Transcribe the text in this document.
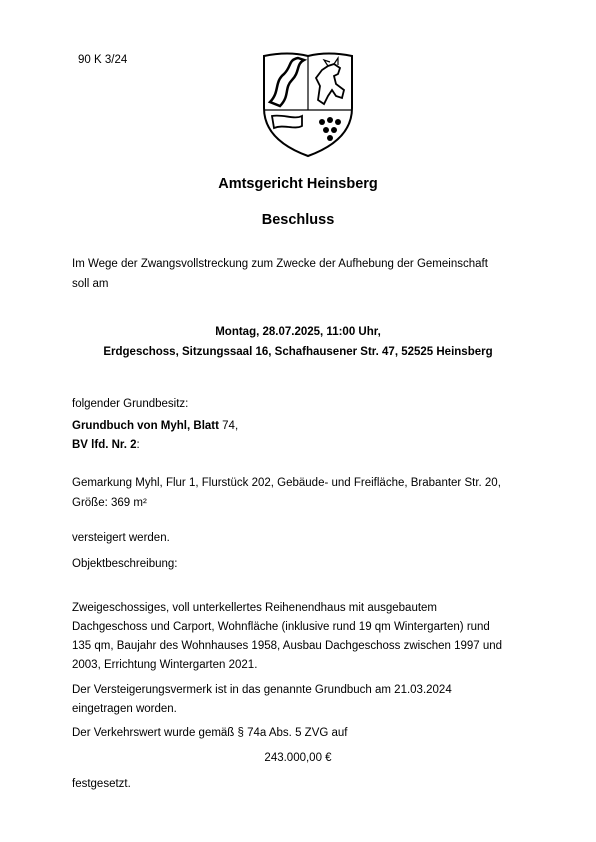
90 K 3/24
Amtsgericht Heinsberg
Beschluss
Im Wege der Zwangsvollstreckung zum Zwecke der Aufhebung der Gemeinschaft
soll am
Montag, 28.07.2025, 11:00 Uhr,
Erdgeschoss, Sitzungssaal 16, Schafhausener Str. 47, 52525 Heinsberg
folgender Grundbesitz:
Grundbuch von Myhl, Blatt 74,
BV lfd. Nr. 2:
Gemarkung Myhl, Flur 1, Flurstück 202, Gebäude- und Freifläche, Brabanter Str. 20,
Größe: 369 m²
versteigert werden.
Objektbeschreibung:
Zweigeschossiges, voll unterkellertes Reihenendhaus mit ausgebautem
Dachgeschoss und Carport, Wohnfläche (inklusive rund 19 qm Wintergarten) rund
135 qm, Baujahr des Wohnhauses 1958, Ausbau Dachgeschoss zwischen 1997 und
2003, Errichtung Wintergarten 2021.
Der Versteigerungsvermerk ist in das genannte Grundbuch am 21.03.2024
eingetragen worden.
Der Verkehrswert wurde gemäß § 74a Abs. 5 ZVG auf
243.000,00 €
festgesetzt.
